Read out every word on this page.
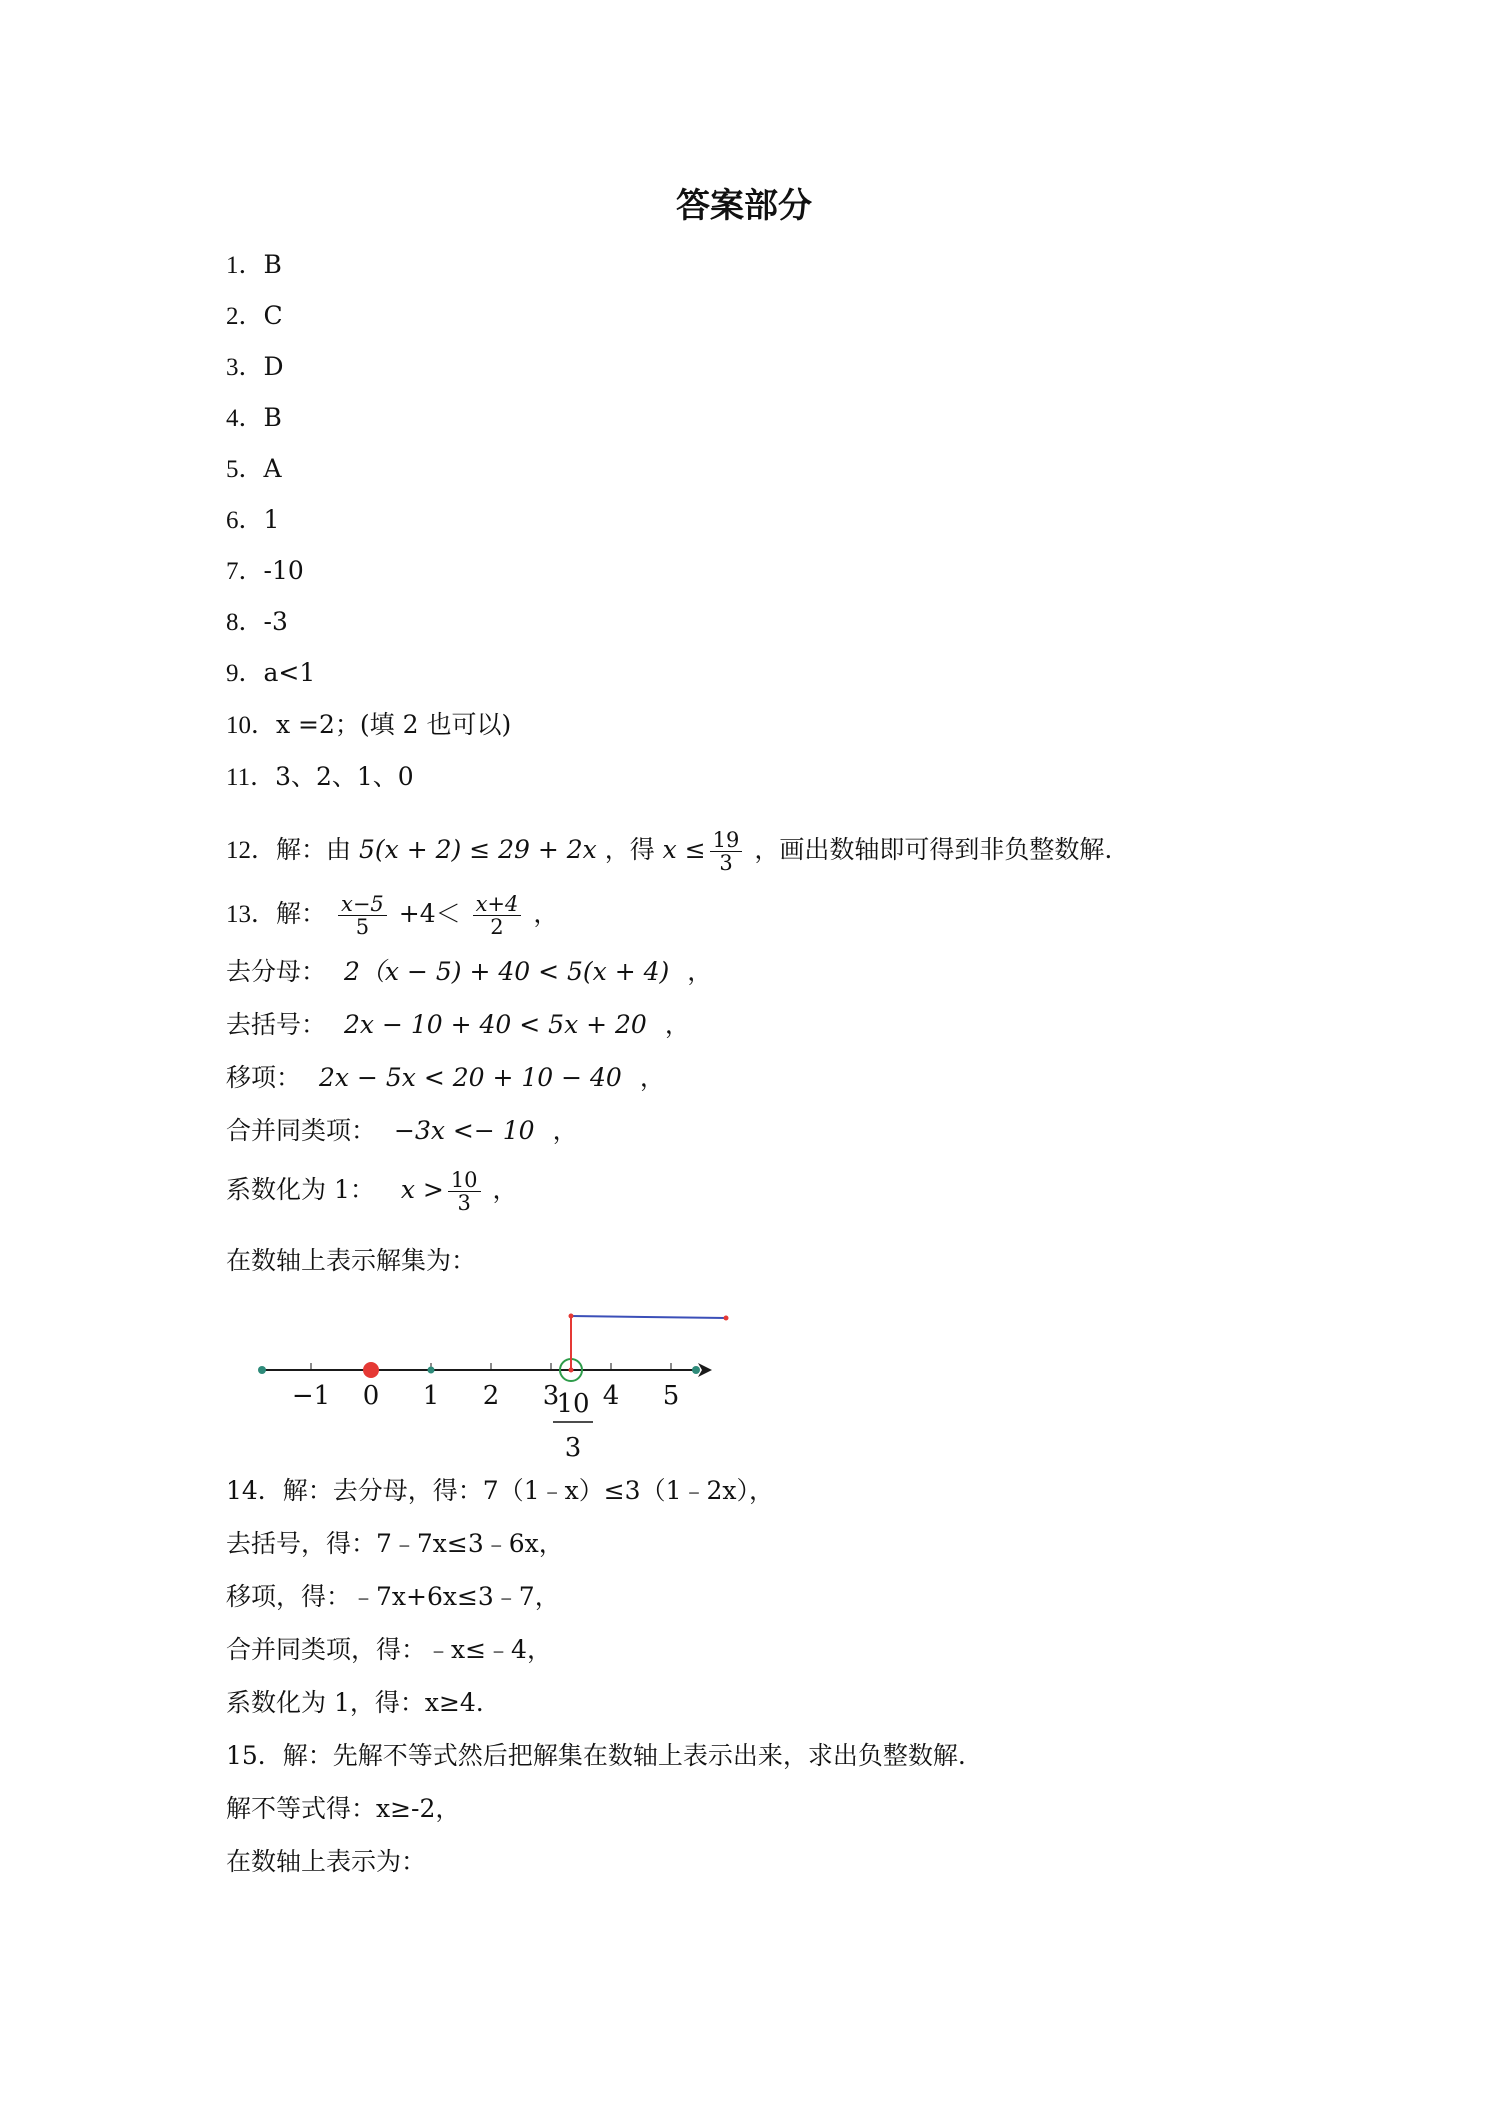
答案部分
1．B
2．C
3．D
4．B
5．A
6．1
7．-10
8．-3
9．a<1
10．x =2；(填 2 也可以)
11．3、2、1、0
12．解：由 5(x + 2) ≤ 29 + 2x ，得 $x \le \frac{19}{3}$ ，画出数轴即可得到非负整数解.
13．解： $\frac{x-5}{5} +4< \frac{x+4}{2}$ ，
去分母： 2（x − 5) + 40 < 5(x + 4) ，
去括号： 2x − 10 + 40 < 5x + 20 ，
移项： 2x − 5x < 20 + 10 − 40 ，
合并同类项： −3x <− 10 ，
系数化为 1： $x > \frac{10}{3}$ ，
在数轴上表示解集为：
−1 0 1 2 3 4 5
10
3
14．解：去分母，得：7（1﹣x）≤3（1﹣2x），
去括号，得：7﹣7x≤3﹣6x，
移项，得：﹣7x+6x≤3﹣7，
合并同类项，得：﹣x≤﹣4，
系数化为 1，得：x≥4.
15．解：先解不等式然后把解集在数轴上表示出来，求出负整数解.
解不等式得：x≥-2，
在数轴上表示为：
